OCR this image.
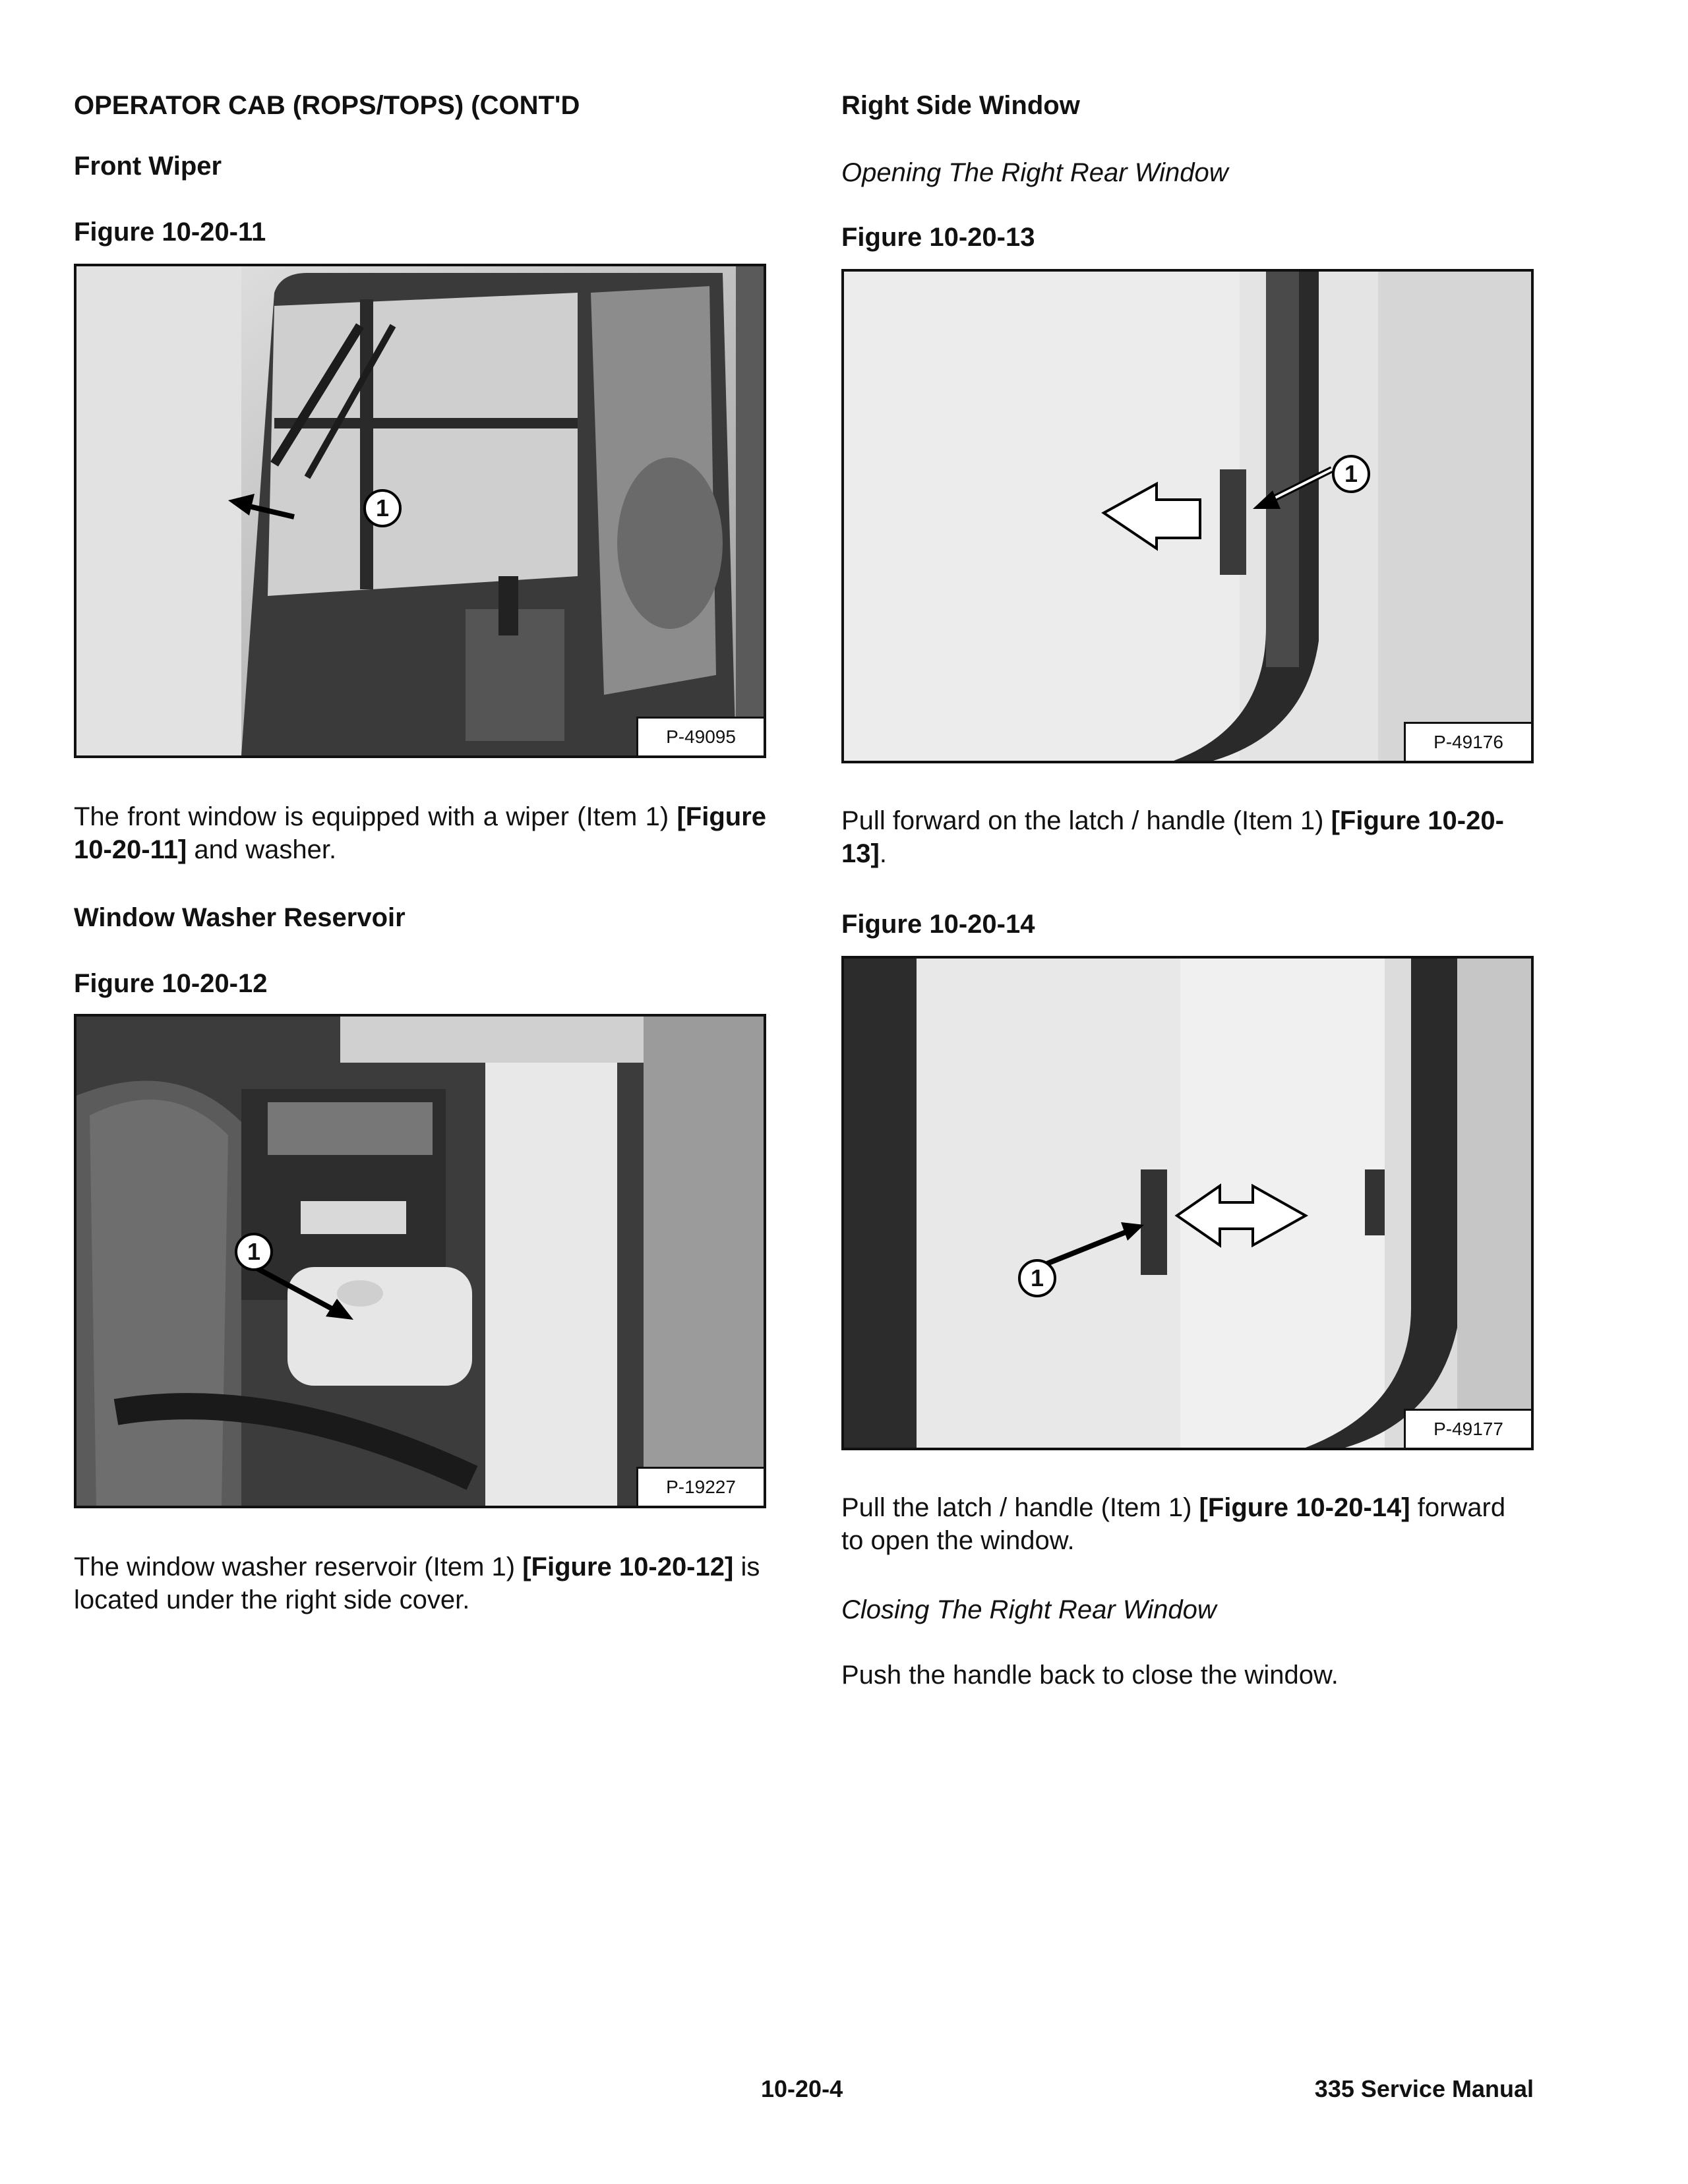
OPERATOR CAB (ROPS/TOPS) (CONT'D
Front Wiper
Figure 10-20-11
1
P-49095
The front window is equipped with a wiper (Item 1) [Figure 10-20-11] and washer.
Window Washer Reservoir
Figure 10-20-12
1
P-19227
The window washer reservoir (Item 1) [Figure 10-20-12] is located under the right side cover.
Right Side Window
Opening The Right Rear Window
Figure 10-20-13
1
P-49176
Pull forward on the latch / handle (Item 1) [Figure 10-20-13].
Figure 10-20-14
1
P-49177
Pull the latch / handle (Item 1) [Figure 10-20-14] forward to open the window.
Closing The Right Rear Window
Push the handle back to close the window.
10-20-4	335 Service Manual
